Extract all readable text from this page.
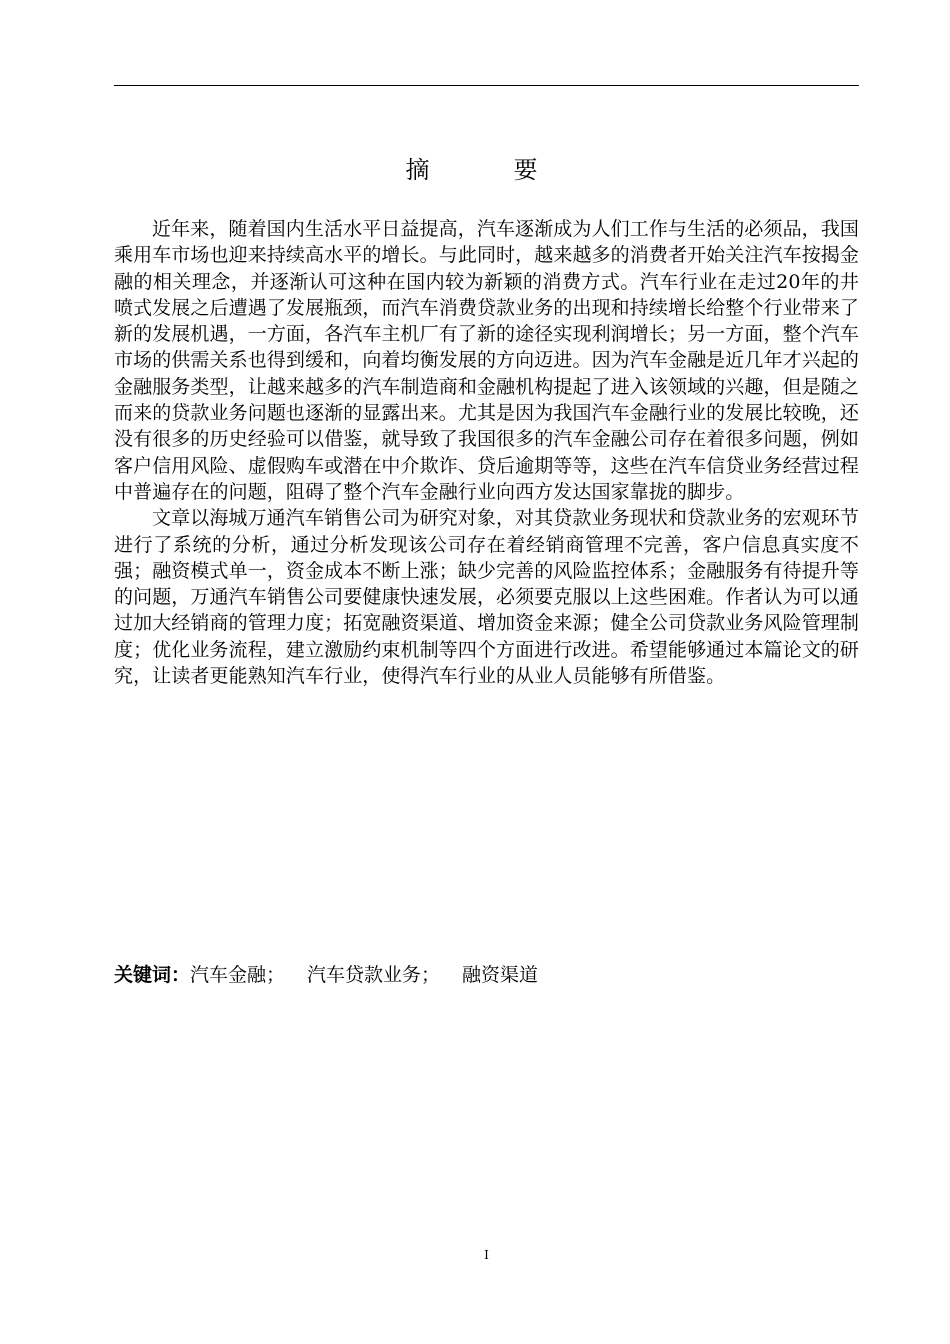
摘　要

近年来，随着国内生活水平日益提高，汽车逐渐成为人们工作与生活的必须品，我国乘用车市场也迎来持续高水平的增长。与此同时，越来越多的消费者开始关注汽车按揭金融的相关理念，并逐渐认可这种在国内较为新颖的消费方式。汽车行业在走过20年的井喷式发展之后遭遇了发展瓶颈，而汽车消费贷款业务的出现和持续增长给整个行业带来了新的发展机遇，一方面，各汽车主机厂有了新的途径实现利润增长；另一方面，整个汽车市场的供需关系也得到缓和，向着均衡发展的方向迈进。因为汽车金融是近几年才兴起的金融服务类型，让越来越多的汽车制造商和金融机构提起了进入该领域的兴趣，但是随之而来的贷款业务问题也逐渐的显露出来。尤其是因为我国汽车金融行业的发展比较晚，还没有很多的历史经验可以借鉴，就导致了我国很多的汽车金融公司存在着很多问题，例如客户信用风险、虚假购车或潜在中介欺诈、贷后逾期等等，这些在汽车信贷业务经营过程中普遍存在的问题，阻碍了整个汽车金融行业向西方发达国家靠拢的脚步。

文章以海城万通汽车销售公司为研究对象，对其贷款业务现状和贷款业务的宏观环节进行了系统的分析，通过分析发现该公司存在着经销商管理不完善，客户信息真实度不强；融资模式单一，资金成本不断上涨；缺少完善的风险监控体系；金融服务有待提升等的问题，万通汽车销售公司要健康快速发展，必须要克服以上这些困难。作者认为可以通过加大经销商的管理力度；拓宽融资渠道、增加资金来源；健全公司贷款业务风险管理制度；优化业务流程，建立激励约束机制等四个方面进行改进。希望能够通过本篇论文的研究，让读者更能熟知汽车行业，使得汽车行业的从业人员能够有所借鉴。

关键词：汽车金融； 汽车贷款业务； 融资渠道
I
